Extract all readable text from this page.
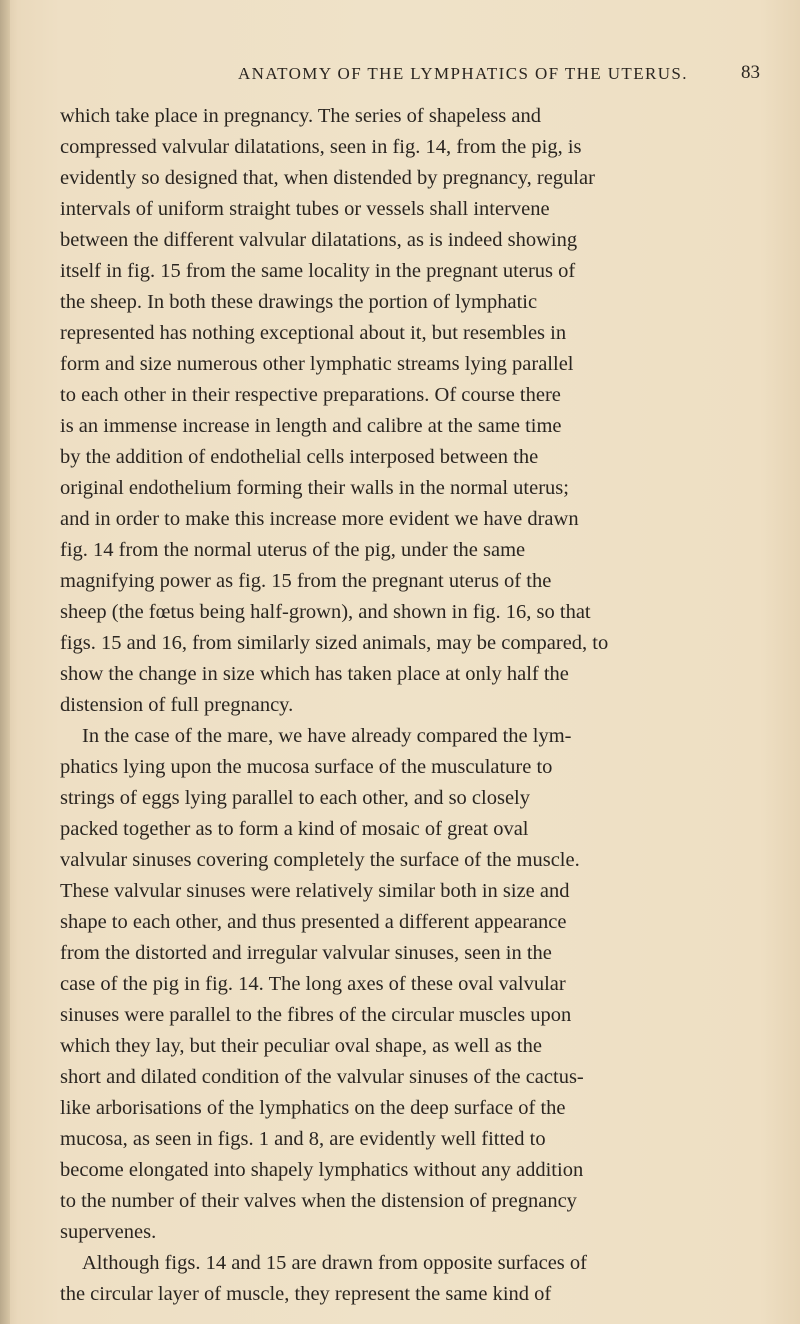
ANATOMY OF THE LYMPHATICS OF THE UTERUS.	83
which take place in pregnancy. The series of shapeless and
compressed valvular dilatations, seen in fig. 14, from the pig, is
evidently so designed that, when distended by pregnancy, regular
intervals of uniform straight tubes or vessels shall intervene
between the different valvular dilatations, as is indeed showing
itself in fig. 15 from the same locality in the pregnant uterus of
the sheep. In both these drawings the portion of lymphatic
represented has nothing exceptional about it, but resembles in
form and size numerous other lymphatic streams lying parallel
to each other in their respective preparations. Of course there
is an immense increase in length and calibre at the same time
by the addition of endothelial cells interposed between the
original endothelium forming their walls in the normal uterus;
and in order to make this increase more evident we have drawn
fig. 14 from the normal uterus of the pig, under the same
magnifying power as fig. 15 from the pregnant uterus of the
sheep (the fœtus being half-grown), and shown in fig. 16, so that
figs. 15 and 16, from similarly sized animals, may be compared, to
show the change in size which has taken place at only half the
distension of full pregnancy.
In the case of the mare, we have already compared the lym-
phatics lying upon the mucosa surface of the musculature to
strings of eggs lying parallel to each other, and so closely
packed together as to form a kind of mosaic of great oval
valvular sinuses covering completely the surface of the muscle.
These valvular sinuses were relatively similar both in size and
shape to each other, and thus presented a different appearance
from the distorted and irregular valvular sinuses, seen in the
case of the pig in fig. 14. The long axes of these oval valvular
sinuses were parallel to the fibres of the circular muscles upon
which they lay, but their peculiar oval shape, as well as the
short and dilated condition of the valvular sinuses of the cactus-
like arborisations of the lymphatics on the deep surface of the
mucosa, as seen in figs. 1 and 8, are evidently well fitted to
become elongated into shapely lymphatics without any addition
to the number of their valves when the distension of pregnancy
supervenes.
Although figs. 14 and 15 are drawn from opposite surfaces of
the circular layer of muscle, they represent the same kind of
